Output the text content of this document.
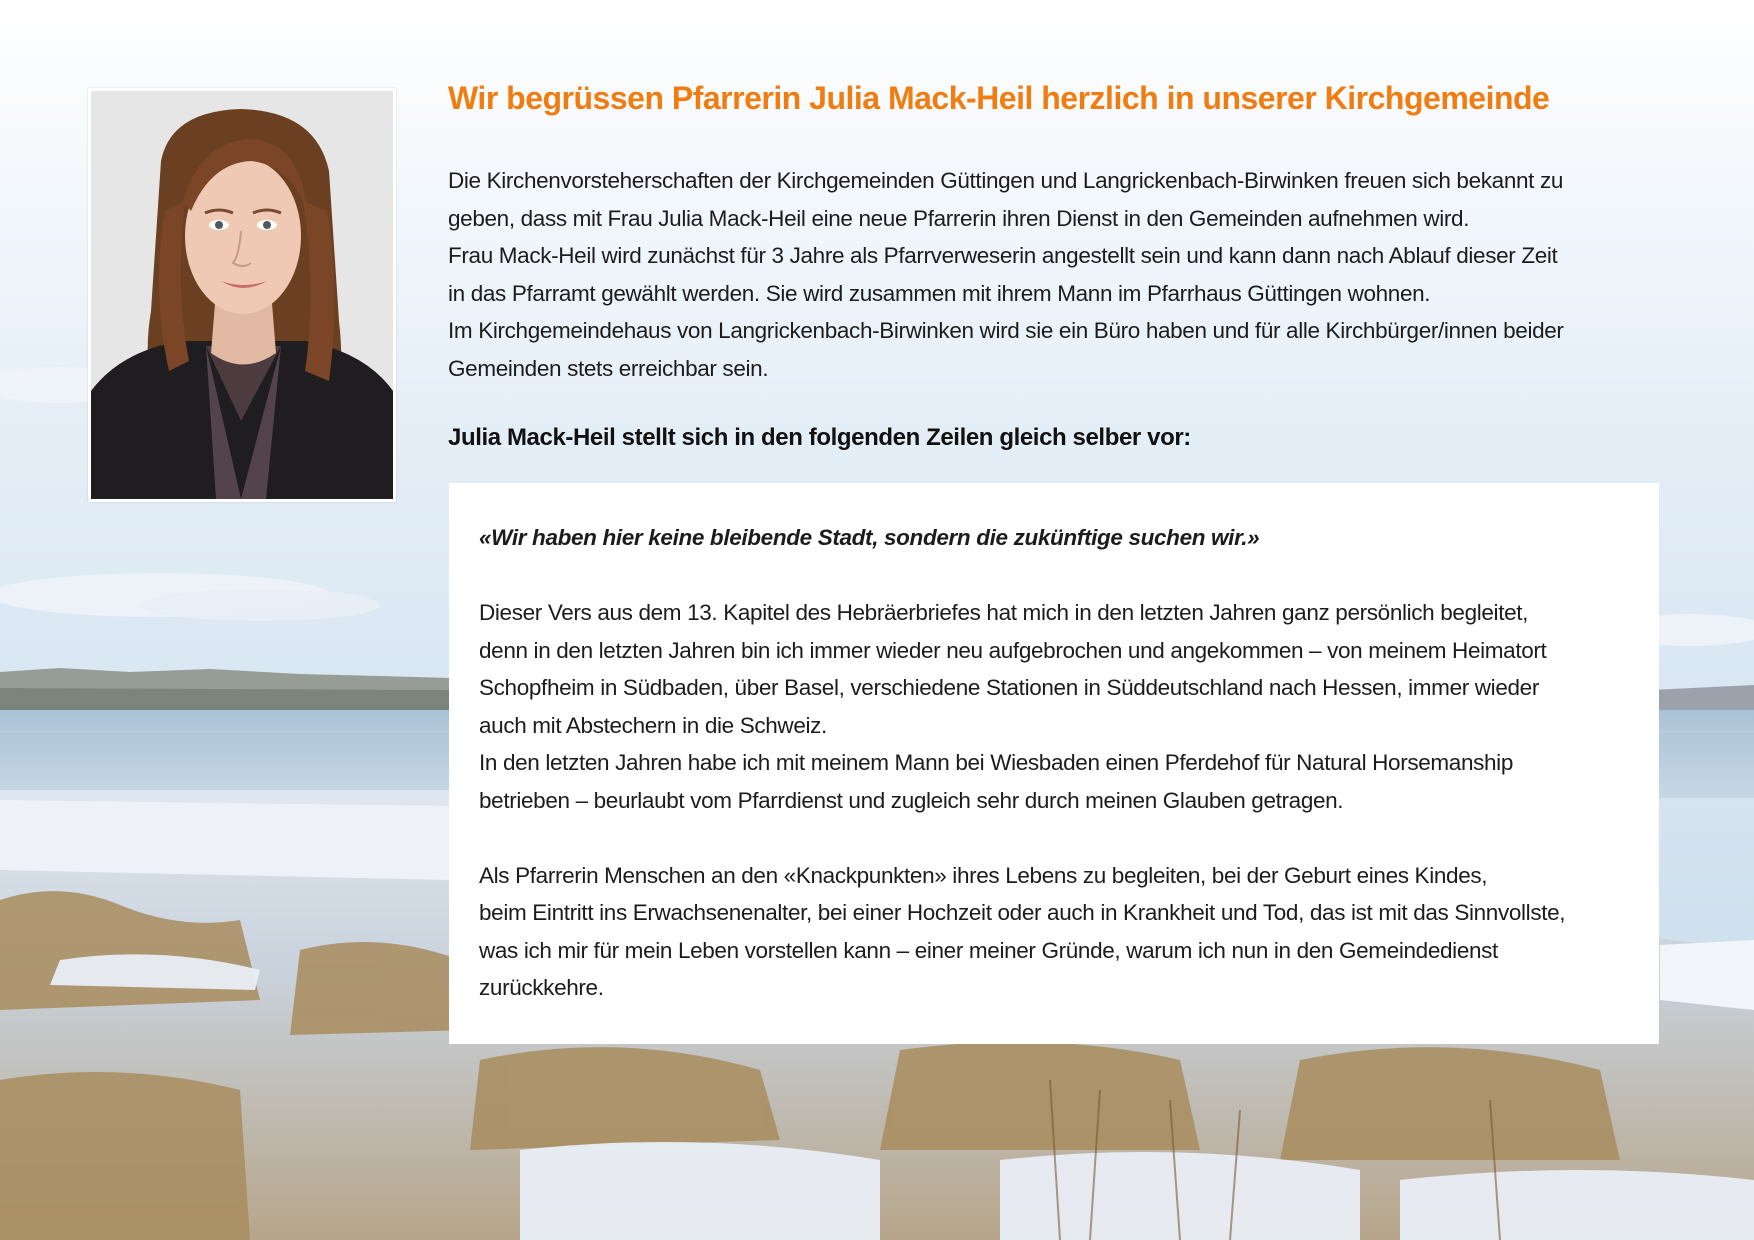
Wir begrüssen Pfarrerin Julia Mack-Heil herzlich in unserer Kirchgemeinde

Die Kirchenvorsteherschaften der Kirchgemeinden Güttingen und Langrickenbach-Birwinken freuen sich bekannt zu

geben, dass mit Frau Julia Mack-Heil eine neue Pfarrerin ihren Dienst in den Gemeinden aufnehmen wird.

Frau Mack-Heil wird zunächst für 3 Jahre als Pfarrverweserin angestellt sein und kann dann nach Ablauf dieser Zeit

in das Pfarramt gewählt werden. Sie wird zusammen mit ihrem Mann im Pfarrhaus Güttingen wohnen.

Im Kirchgemeindehaus von Langrickenbach-Birwinken wird sie ein Büro haben und für alle Kirchbürger/innen beider

Gemeinden stets erreichbar sein.

Julia Mack-Heil stellt sich in den folgenden Zeilen gleich selber vor:

«Wir haben hier keine bleibende Stadt, sondern die zukünftige suchen wir.»

Dieser Vers aus dem 13. Kapitel des Hebräerbriefes hat mich in den letzten Jahren ganz persönlich begleitet,

denn in den letzten Jahren bin ich immer wieder neu aufgebrochen und angekommen – von meinem Heimatort

Schopfheim in Südbaden, über Basel, verschiedene Stationen in Süddeutschland nach Hessen, immer wieder

auch mit Abstechern in die Schweiz.

In den letzten Jahren habe ich mit meinem Mann bei Wiesbaden einen Pferdehof für Natural Horsemanship

betrieben – beurlaubt vom Pfarrdienst und zugleich sehr durch meinen Glauben getragen.

Als Pfarrerin Menschen an den «Knackpunkten» ihres Lebens zu begleiten, bei der Geburt eines Kindes,

beim Eintritt ins Erwachsenenalter, bei einer Hochzeit oder auch in Krankheit und Tod, das ist mit das Sinnvollste,

was ich mir für mein Leben vorstellen kann – einer meiner Gründe, warum ich nun in den Gemeindedienst

zurückkehre.
